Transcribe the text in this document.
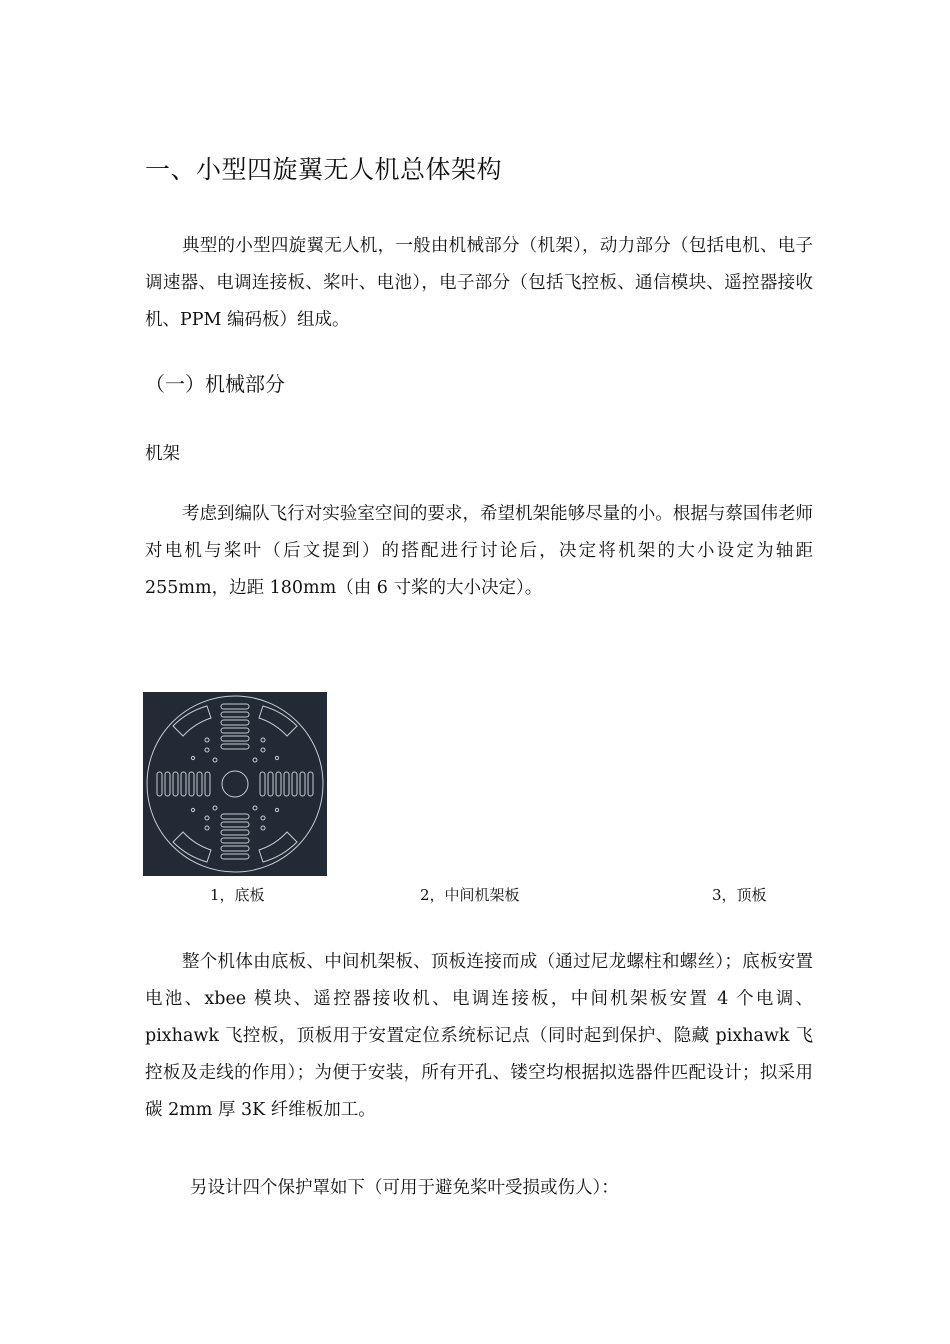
一、小型四旋翼无人机总体架构
典型的小型四旋翼无人机，一般由机械部分（机架），动力部分（包括电机、电子调速器、电调连接板、桨叶、电池），电子部分（包括飞控板、通信模块、遥控器接收机、PPM 编码板）组成。
（一）机械部分
机架
考虑到编队飞行对实验室空间的要求，希望机架能够尽量的小。根据与蔡国伟老师对电机与桨叶（后文提到）的搭配进行讨论后，决定将机架的大小设定为轴距 255mm，边距 180mm（由 6 寸桨的大小决定）。
1，底板	2，中间机架板	3，顶板
整个机体由底板、中间机架板、顶板连接而成（通过尼龙螺柱和螺丝）；底板安置电池、xbee 模块、遥控器接收机、电调连接板，中间机架板安置 4 个电调、pixhawk 飞控板，顶板用于安置定位系统标记点（同时起到保护、隐藏 pixhawk 飞控板及走线的作用）；为便于安装，所有开孔、镂空均根据拟选器件匹配设计；拟采用碳 2mm 厚 3K 纤维板加工。
另设计四个保护罩如下（可用于避免桨叶受损或伤人）：
